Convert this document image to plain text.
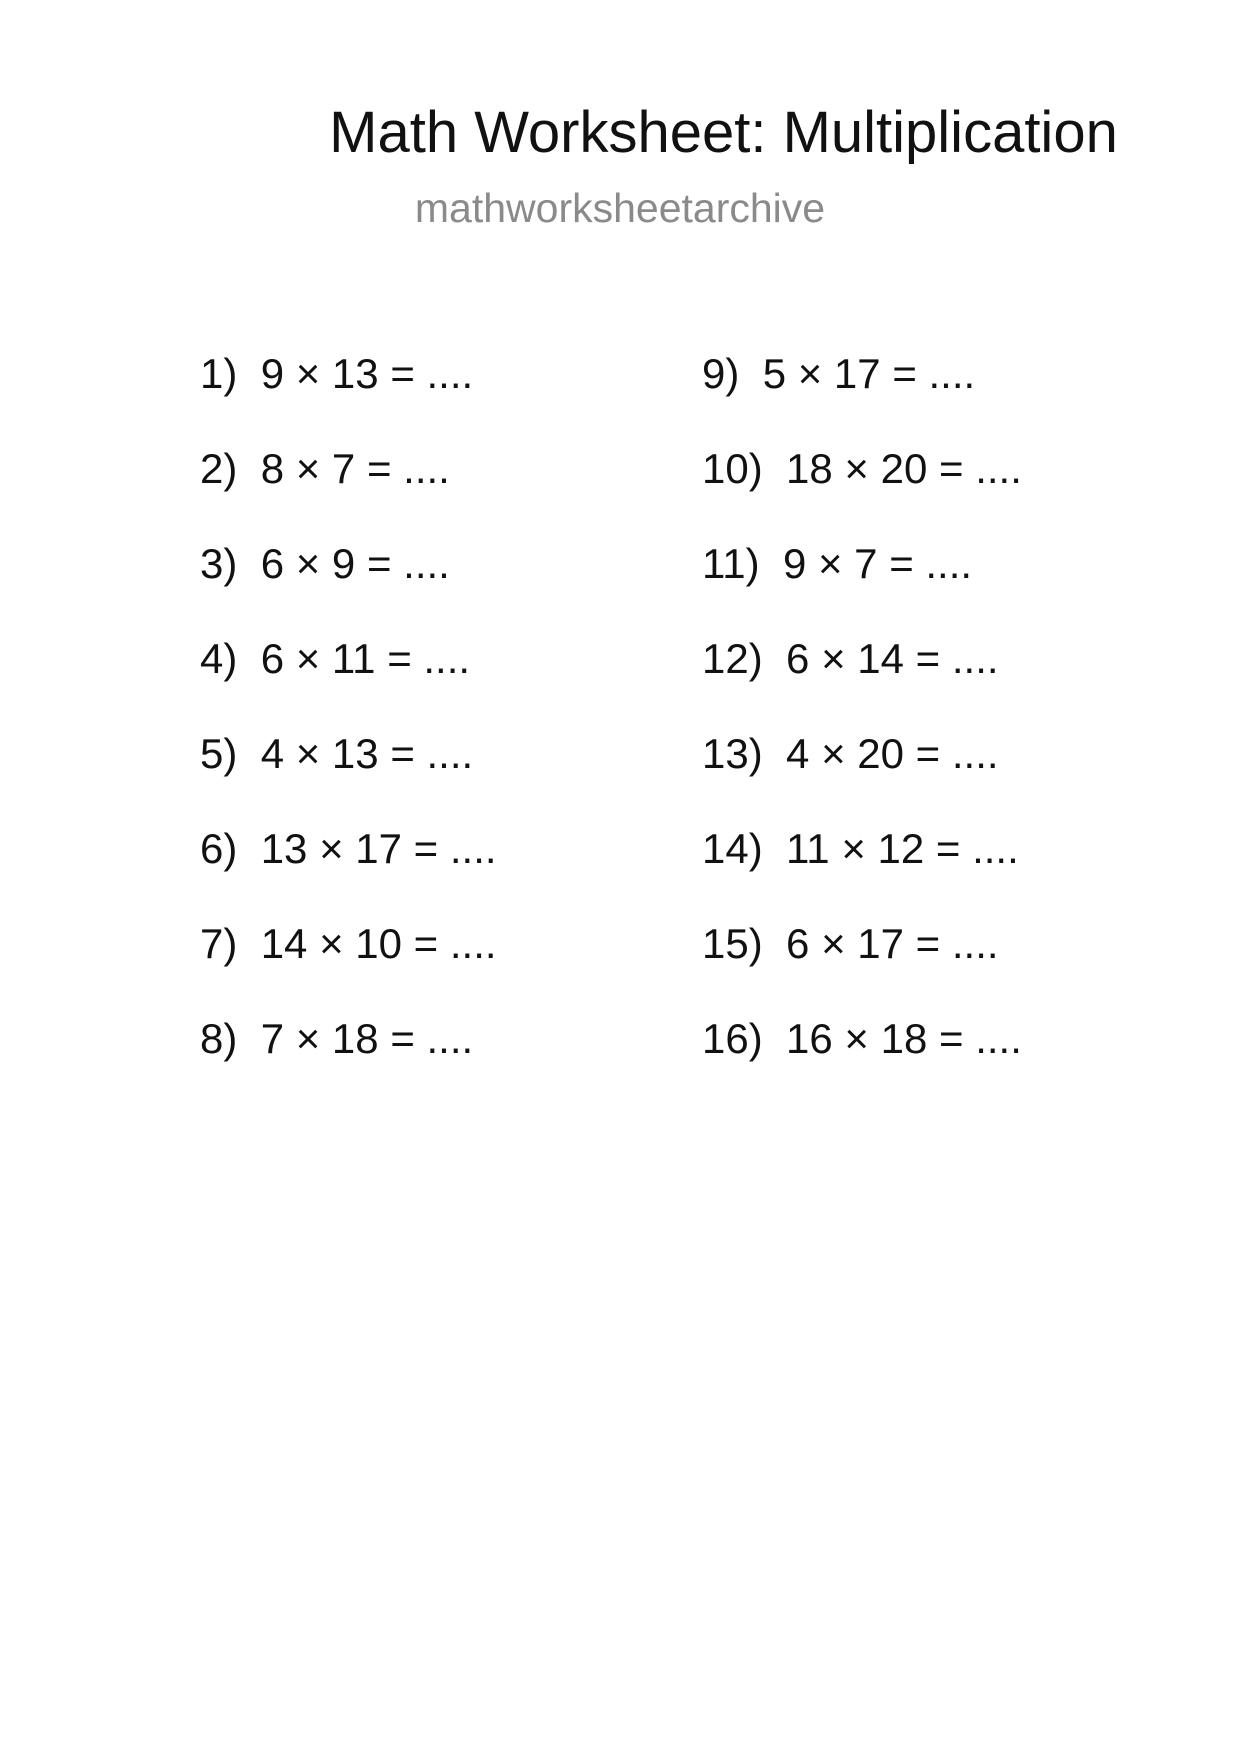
Math Worksheet: Multiplication
mathworksheetarchive
1) 9 × 13 = ....
2) 8 × 7 = ....
3) 6 × 9 = ....
4) 6 × 11 = ....
5) 4 × 13 = ....
6) 13 × 17 = ....
7) 14 × 10 = ....
8) 7 × 18 = ....
9) 5 × 17 = ....
10) 18 × 20 = ....
11) 9 × 7 = ....
12) 6 × 14 = ....
13) 4 × 20 = ....
14) 11 × 12 = ....
15) 6 × 17 = ....
16) 16 × 18 = ....
